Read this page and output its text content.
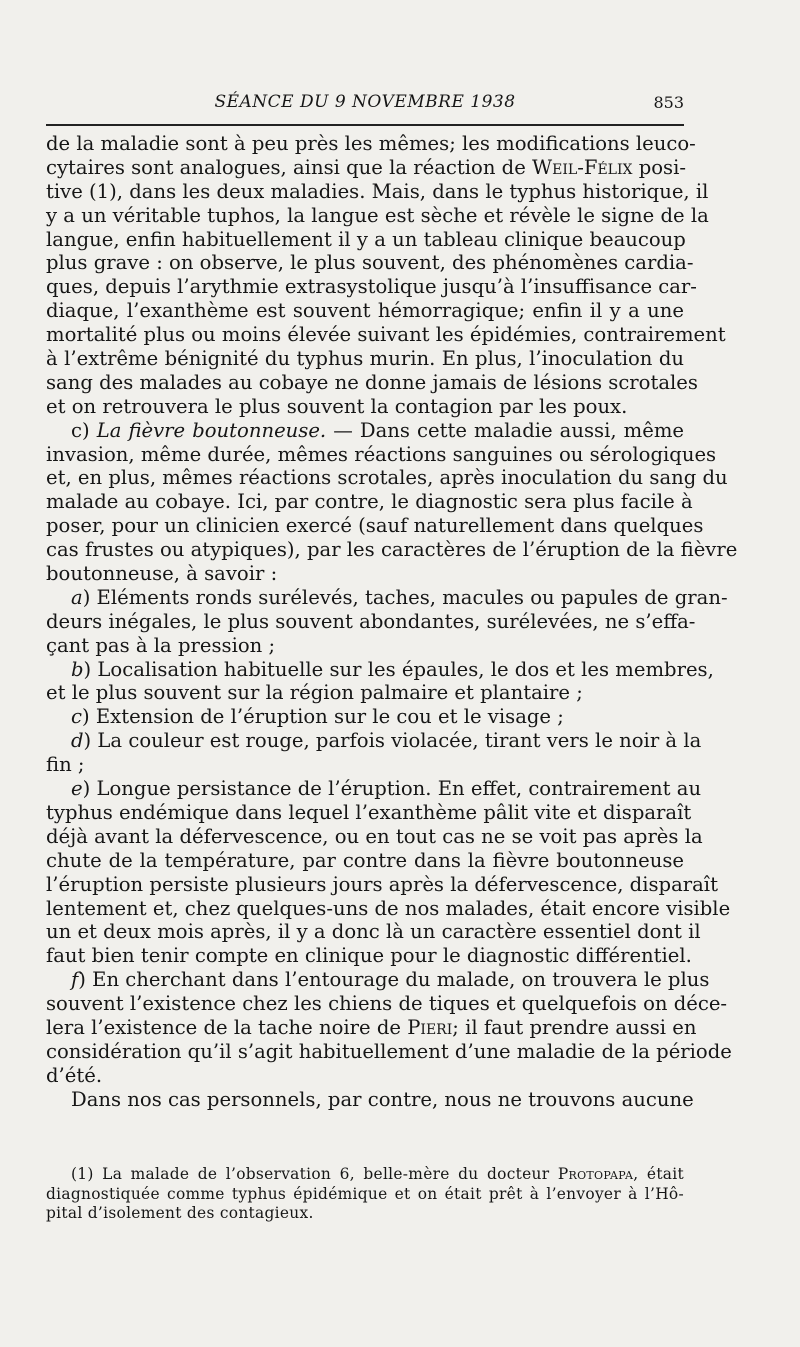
SÉANCE DU 9 NOVEMBRE 1938	853
de la maladie sont à peu près les mêmes; les modifications leuco-
cytaires sont analogues, ainsi que la réaction de Weil-Félix posi-
tive (1), dans les deux maladies. Mais, dans le typhus historique, il
y a un véritable tuphos, la langue est sèche et révèle le signe de la
langue, enfin habituellement il y a un tableau clinique beaucoup
plus grave : on observe, le plus souvent, des phénomènes cardia-
ques, depuis l’arythmie extrasystolique jusqu’à l’insuffisance car-
diaque, l’exanthème est souvent hémorragique; enfin il y a une
mortalité plus ou moins élevée suivant les épidémies, contrairement
à l’extrême bénignité du typhus murin. En plus, l’inoculation du
sang des malades au cobaye ne donne jamais de lésions scrotales
et on retrouvera le plus souvent la contagion par les poux.
c) La fièvre boutonneuse. — Dans cette maladie aussi, même
invasion, même durée, mêmes réactions sanguines ou sérologiques
et, en plus, mêmes réactions scrotales, après inoculation du sang du
malade au cobaye. Ici, par contre, le diagnostic sera plus facile à
poser, pour un clinicien exercé (sauf naturellement dans quelques
cas frustes ou atypiques), par les caractères de l’éruption de la fièvre
boutonneuse, à savoir :
a) Eléments ronds surélevés, taches, macules ou papules de gran-
deurs inégales, le plus souvent abondantes, surélevées, ne s’effa-
çant pas à la pression ;
b) Localisation habituelle sur les épaules, le dos et les membres,
et le plus souvent sur la région palmaire et plantaire ;
c) Extension de l’éruption sur le cou et le visage ;
d) La couleur est rouge, parfois violacée, tirant vers le noir à la
fin ;
e) Longue persistance de l’éruption. En effet, contrairement au
typhus endémique dans lequel l’exanthème pâlit vite et disparaît
déjà avant la défervescence, ou en tout cas ne se voit pas après la
chute de la température, par contre dans la fièvre boutonneuse
l’éruption persiste plusieurs jours après la défervescence, disparaît
lentement et, chez quelques-uns de nos malades, était encore visible
un et deux mois après, il y a donc là un caractère essentiel dont il
faut bien tenir compte en clinique pour le diagnostic différentiel.
f) En cherchant dans l’entourage du malade, on trouvera le plus
souvent l’existence chez les chiens de tiques et quelquefois on déce-
lera l’existence de la tache noire de Pieri; il faut prendre aussi en
considération qu’il s’agit habituellement d’une maladie de la période
d’été.
Dans nos cas personnels, par contre, nous ne trouvons aucune
(1) La malade de l’observation 6, belle-mère du docteur Protopapa, était
diagnostiquée comme typhus épidémique et on était prêt à l’envoyer à l’Hô-
pital d’isolement des contagieux.
